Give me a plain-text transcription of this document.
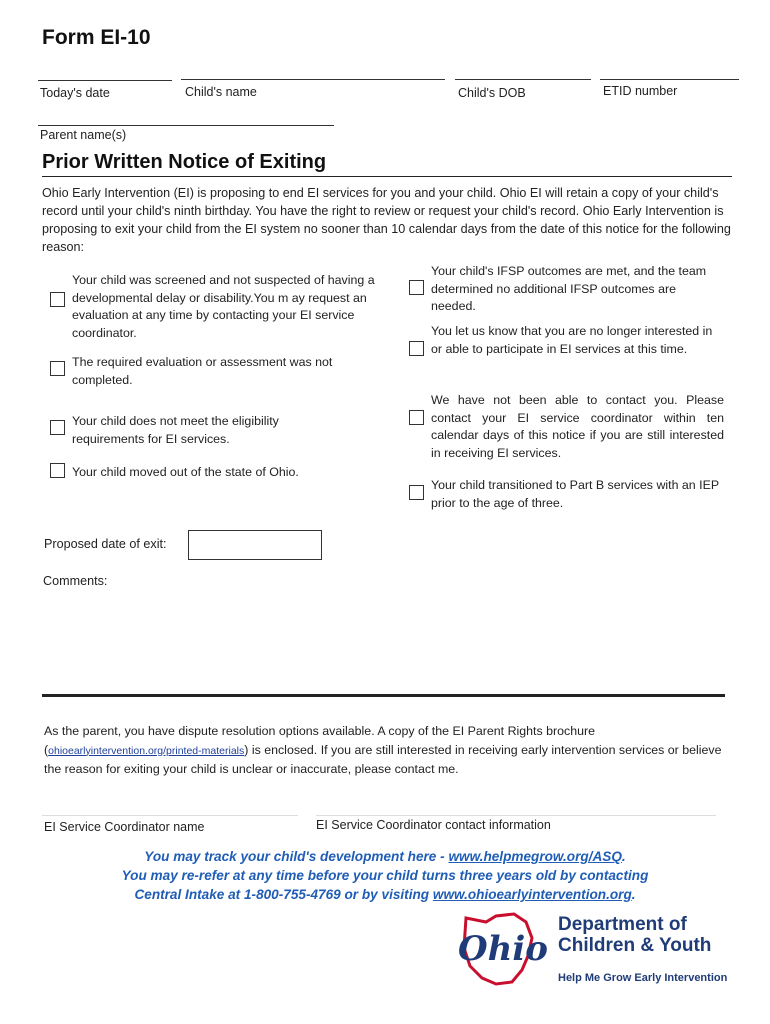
Form EI-10
Today's date	Child's name	Child's DOB	ETID number
Parent name(s)
Prior Written Notice of Exiting
Ohio Early Intervention (EI) is proposing to end EI services for you and your child. Ohio EI will retain a copy of your child's record until your child's ninth birthday. You have the right to review or request your child's record. Ohio Early Intervention is proposing to exit your child from the EI system no sooner than 10 calendar days from the date of this notice for the following reason:
Your child was screened and not suspected of having a developmental delay or disability.You m ay request an evaluation at any time by contacting your EI service coordinator.
The required evaluation or assessment was not completed.
Your child does not meet the eligibility requirements for EI services.
Your child moved out of the state of Ohio.
Your child's IFSP outcomes are met, and the team determined no additional IFSP outcomes are needed.
You let us know that you are no longer interested in or able to participate in EI services at this time.
We have not been able to contact you. Please contact your EI service coordinator within ten calendar days of this notice if you are still interested in receiving EI services.
Your child transitioned to Part B services with an IEP prior to the age of three.
Proposed date of exit:
Comments:
As the parent, you have dispute resolution options available. A copy of the EI Parent Rights brochure
(ohioearlyintervention.org/printed-materials) is enclosed. If you are still interested in receiving early intervention services or believe the reason for exiting your child is unclear or inaccurate, please contact me.
EI Service Coordinator name	EI Service Coordinator contact information
You may track your child's development here - www.helpmegrow.org/ASQ.
You may re-refer at any time before your child turns three years old by contacting
Central Intake at 1-800-755-4769 or by visiting www.ohioearlyintervention.org.
Ohio
Department of
Children & Youth
Help Me Grow Early Intervention
